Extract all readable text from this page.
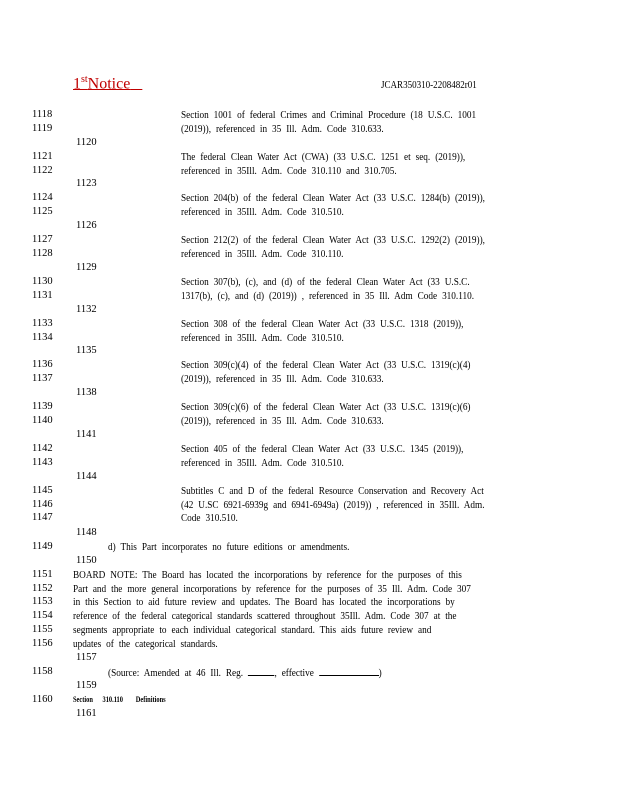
1stNotice	JCAR350310-2208482r01
1118	Section 1001 of federal Crimes and Criminal Procedure (18 U.S.C. 1001
1119	(2019)), referenced in 35 Ill. Adm. Code 310.633.
1120
1121	The federal Clean Water Act (CWA) (33 U.S.C. 1251 et seq. (2019)),
1122	referenced in 35Ill. Adm. Code 310.110 and 310.705.
1123
1124	Section 204(b) of the federal Clean Water Act (33 U.S.C. 1284(b) (2019)),
1125	referenced in 35Ill. Adm. Code 310.510.
1126
1127	Section 212(2) of the federal Clean Water Act (33 U.S.C. 1292(2) (2019)),
1128	referenced in 35Ill. Adm. Code 310.110.
1129
1130	Section 307(b), (c), and (d) of the federal Clean Water Act (33 U.S.C.
1131	1317(b), (c), and (d) (2019)) , referenced in 35 Ill. Adm Code 310.110.
1132
1133	Section 308 of the federal Clean Water Act (33 U.S.C. 1318 (2019)),
1134	referenced in 35Ill. Adm. Code 310.510.
1135
1136	Section 309(c)(4) of the federal Clean Water Act (33 U.S.C. 1319(c)(4)
1137	(2019)), referenced in 35 Ill. Adm. Code 310.633.
1138
1139	Section 309(c)(6) of the federal Clean Water Act (33 U.S.C. 1319(c)(6)
1140	(2019)), referenced in 35 Ill. Adm. Code 310.633.
1141
1142	Section 405 of the federal Clean Water Act (33 U.S.C. 1345 (2019)),
1143	referenced in 35Ill. Adm. Code 310.510.
1144
1145	Subtitles C and D of the federal Resource Conservation and Recovery Act
1146	(42 U.SC 6921-6939g and 6941-6949a) (2019)) , referenced in 35Ill. Adm.
1147	Code 310.510.
1148
1149	d) This Part incorporates no future editions or amendments.
1150
1151	BOARD NOTE: The Board has located the incorporations by reference for the purposes of this
1152	Part and the more general incorporations by reference for the purposes of 35 Ill. Adm. Code 307
1153	in this Section to aid future review and updates. The Board has located the incorporations by
1154	reference of the federal categorical standards scattered throughout 35Ill. Adm. Code 307 at the
1155	segments appropriate to each individual categorical standard. This aids future review and
1156	updates of the categorical standards.
1157
1158	(Source: Amended at 46 Ill. Reg.	, effective	)
1159
1160	Section      310.110        Definitions
1161
